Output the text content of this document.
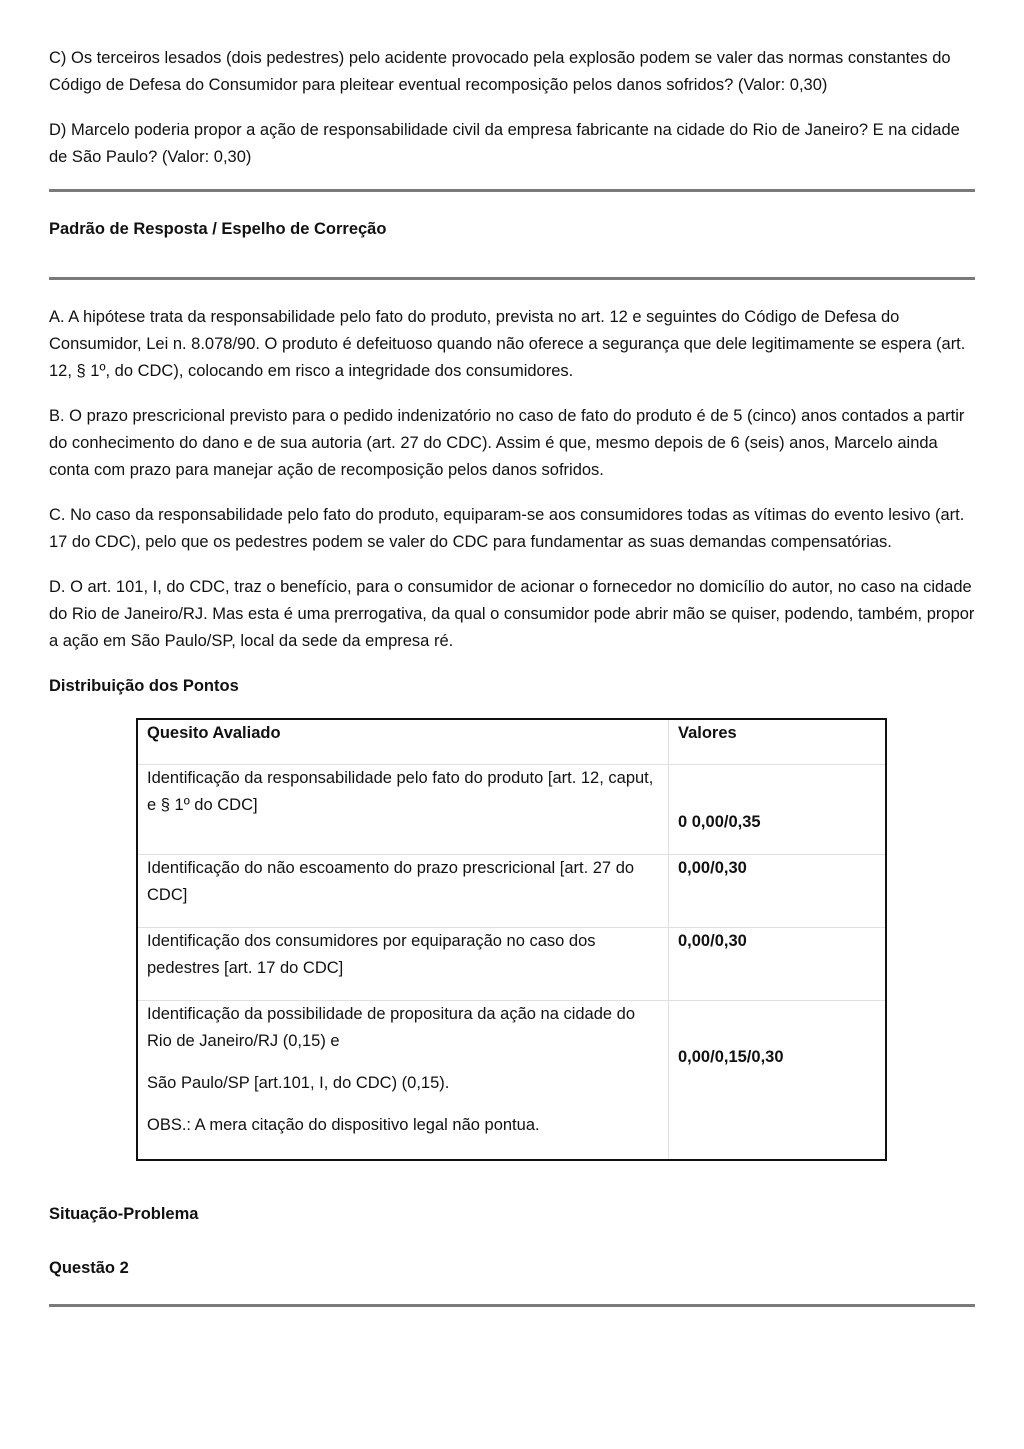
C) Os terceiros lesados (dois pedestres) pelo acidente provocado pela explosão podem se valer das normas constantes do Código de Defesa do Consumidor para pleitear eventual recomposição pelos danos sofridos? (Valor: 0,30)

D) Marcelo poderia propor a ação de responsabilidade civil da empresa fabricante na cidade do Rio de Janeiro? E na cidade de São Paulo? (Valor: 0,30)

Padrão de Resposta / Espelho de Correção

A. A hipótese trata da responsabilidade pelo fato do produto, prevista no art. 12 e seguintes do Código de Defesa do Consumidor, Lei n. 8.078/90. O produto é defeituoso quando não oferece a segurança que dele legitimamente se espera (art. 12, § 1º, do CDC), colocando em risco a integridade dos consumidores.

B. O prazo prescricional previsto para o pedido indenizatório no caso de fato do produto é de 5 (cinco) anos contados a partir do conhecimento do dano e de sua autoria (art. 27 do CDC). Assim é que, mesmo depois de 6 (seis) anos, Marcelo ainda conta com prazo para manejar ação de recomposição pelos danos sofridos.

C. No caso da responsabilidade pelo fato do produto, equiparam-se aos consumidores todas as vítimas do evento lesivo (art. 17 do CDC), pelo que os pedestres podem se valer do CDC para fundamentar as suas demandas compensatórias.

D. O art. 101, I, do CDC, traz o benefício, para o consumidor de acionar o fornecedor no domicílio do autor, no caso na cidade do Rio de Janeiro/RJ. Mas esta é uma prerrogativa, da qual o consumidor pode abrir mão se quiser, podendo, também, propor a ação em São Paulo/SP, local da sede da empresa ré.

Distribuição dos Pontos

Quesito Avaliado	Valores

Identificação da responsabilidade pelo fato do produto [art. 12, caput, e § 1º do CDC]	0 0,00/0,35

Identificação do não escoamento do prazo prescricional [art. 27 do CDC]	0,00/0,30

Identificação dos consumidores por equiparação no caso dos pedestres [art. 17 do CDC]	0,00/0,30

Identificação da possibilidade de propositura da ação na cidade do Rio de Janeiro/RJ (0,15) e
São Paulo/SP [art.101, I, do CDC) (0,15).
OBS.: A mera citação do dispositivo legal não pontua.	0,00/0,15/0,30

Situação-Problema

Questão 2
